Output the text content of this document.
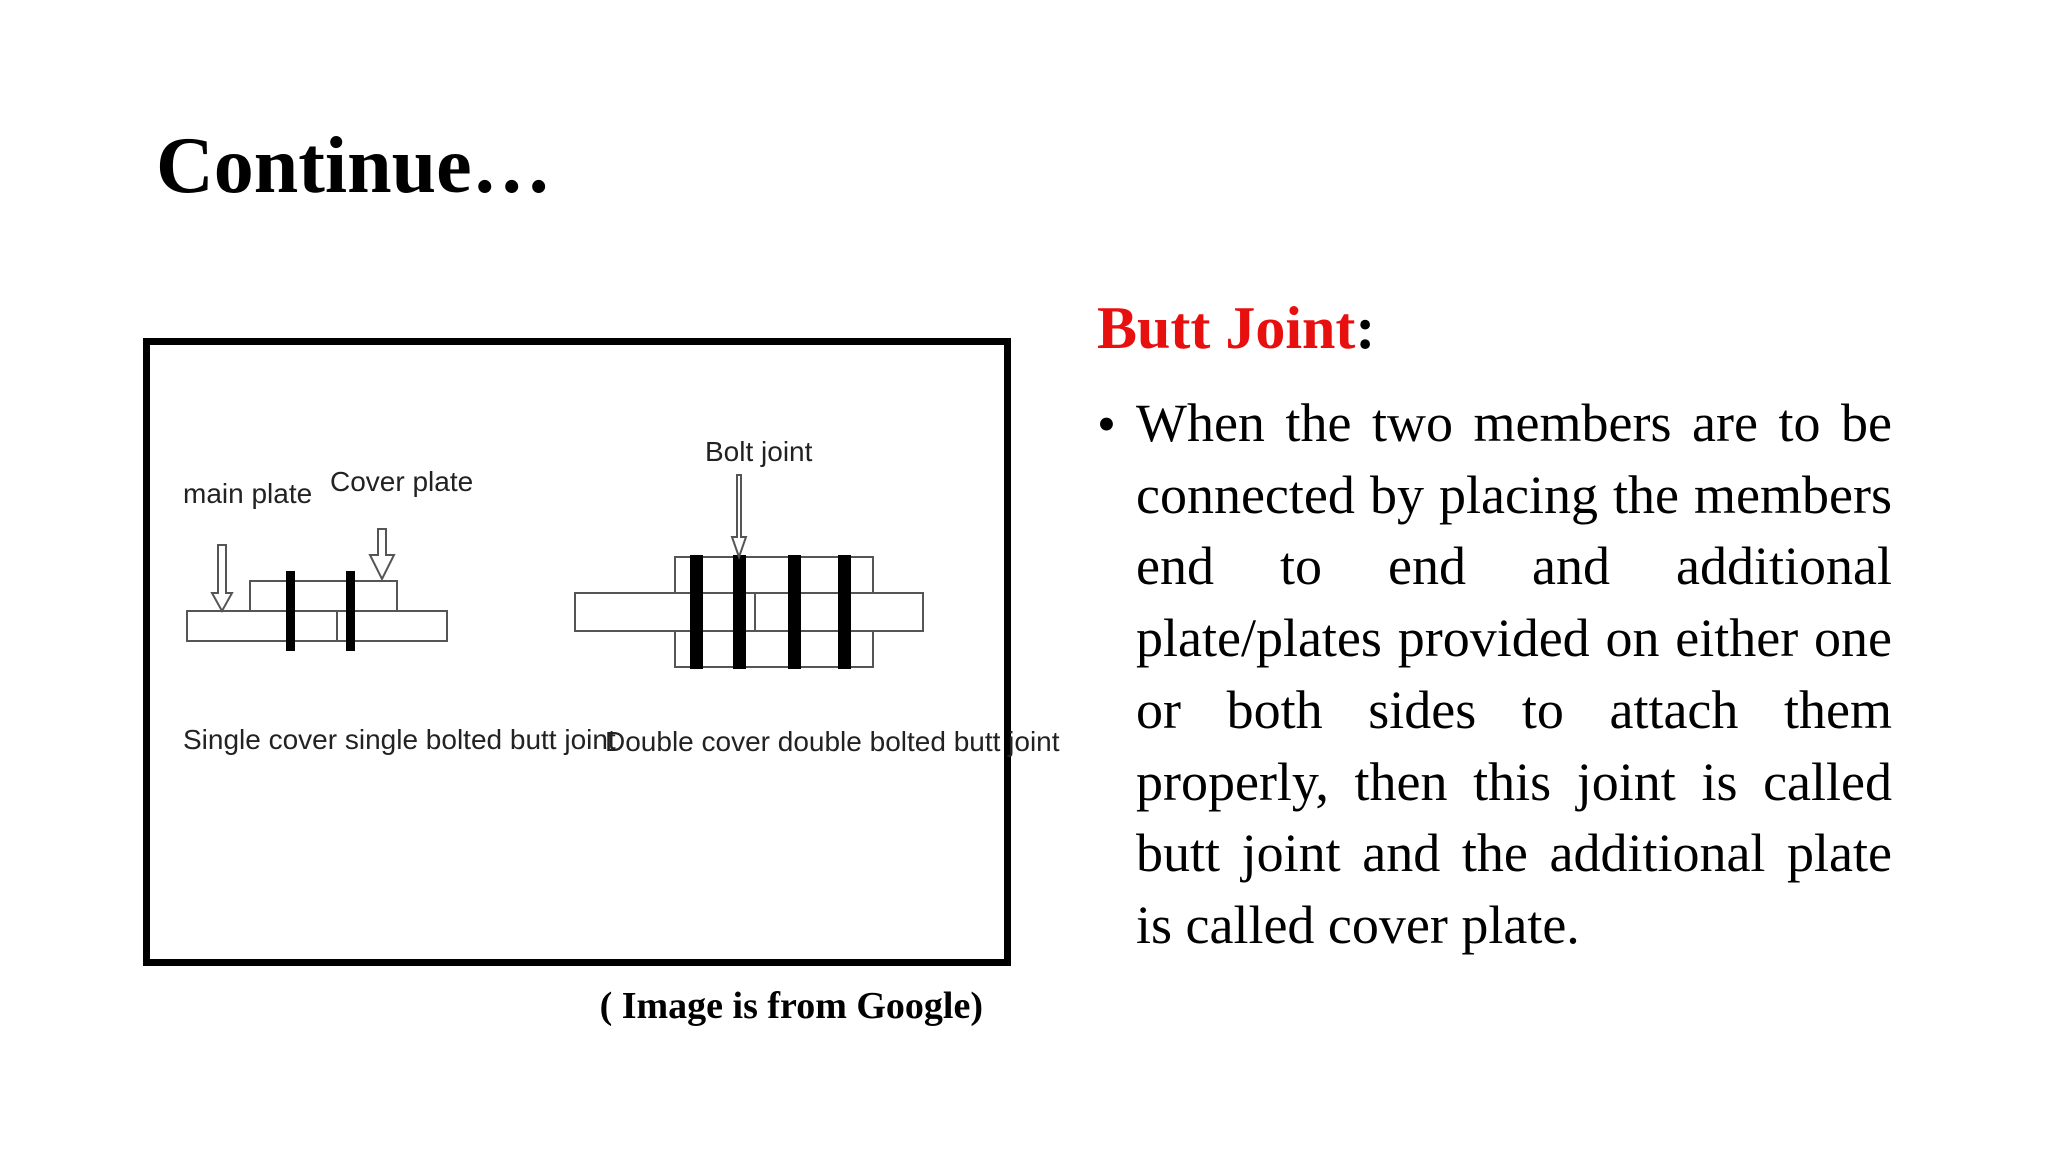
Continue…
main plate Cover plate
Single cover single bolted butt joint
Bolt joint
Double cover double bolted butt joint
( Image is from Google)
Butt Joint:
• When the two members are to be connected by placing the members end to end and additional plate/plates provided on either one or both sides to attach them properly, then this joint is called butt joint and the additional plate is called cover plate.
